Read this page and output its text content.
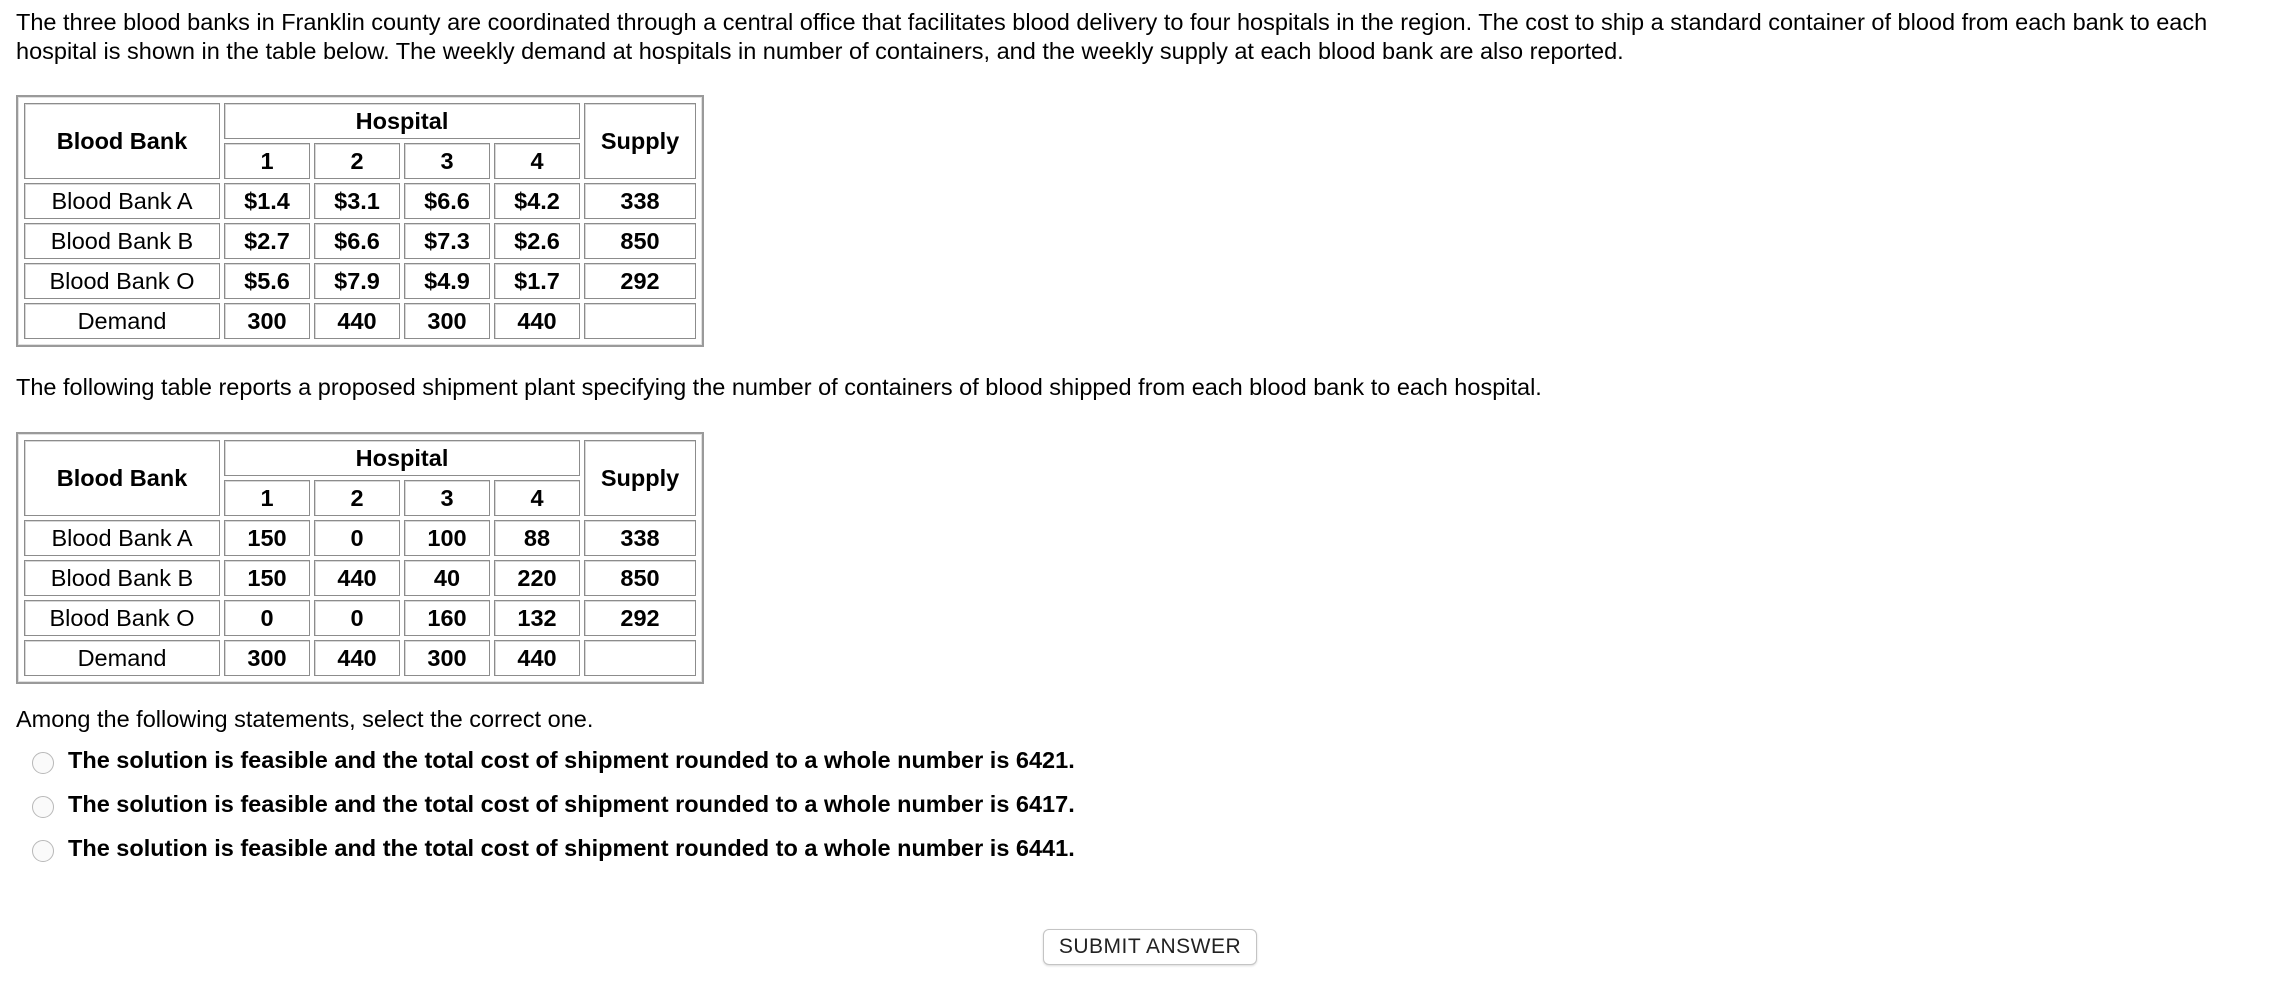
The three blood banks in Franklin county are coordinated through a central office that facilitates blood delivery to four hospitals in the region. The cost to ship a standard container of blood from each bank to each hospital is shown in the table below. The weekly demand at hospitals in number of containers, and the weekly supply at each blood bank are also reported.

Blood Bank	Hospital				Supply
	1	2	3	4	
Blood Bank A	$1.4	$3.1	$6.6	$4.2	338
Blood Bank B	$2.7	$6.6	$7.3	$2.6	850
Blood Bank O	$5.6	$7.9	$4.9	$1.7	292
Demand	300	440	300	440	

The following table reports a proposed shipment plant specifying the number of containers of blood shipped from each blood bank to each hospital.

Blood Bank	Hospital				Supply
	1	2	3	4	
Blood Bank A	150	0	100	88	338
Blood Bank B	150	440	40	220	850
Blood Bank O	0	0	160	132	292
Demand	300	440	300	440	

Among the following statements, select the correct one.

The solution is feasible and the total cost of shipment rounded to a whole number is 6421.
The solution is feasible and the total cost of shipment rounded to a whole number is 6417.
The solution is feasible and the total cost of shipment rounded to a whole number is 6441.
SUBMIT ANSWER
